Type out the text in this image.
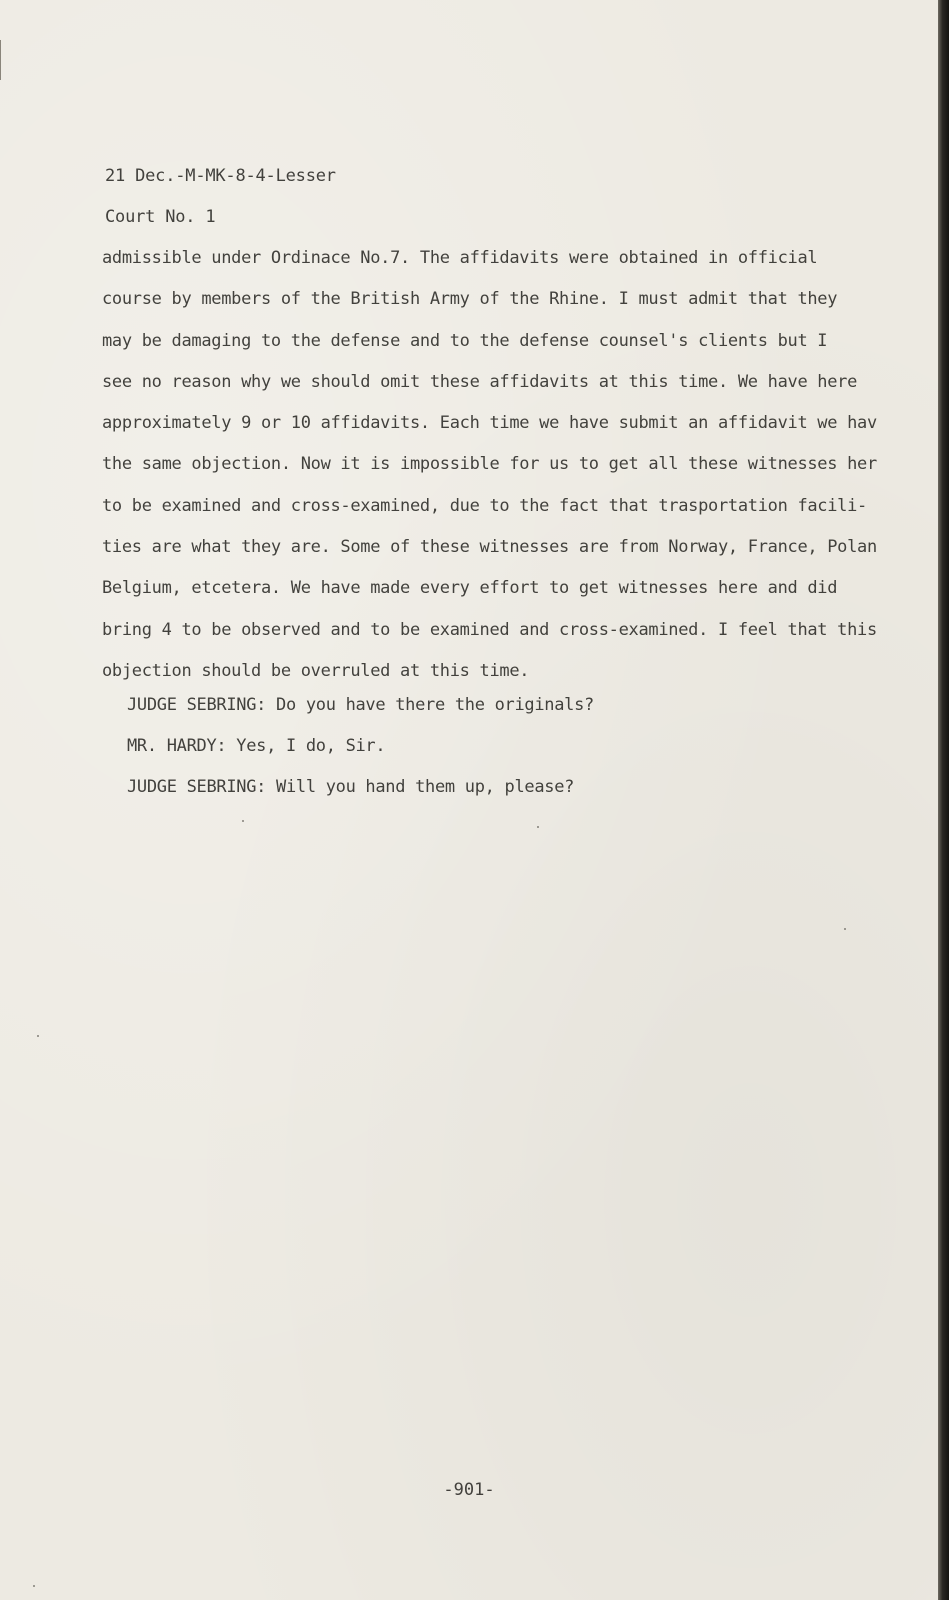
21 Dec.-M-MK-8-4-Lesser
Court No. 1
admissible under Ordinace No.7. The affidavits were obtained in official
course by members of the British Army of the Rhine. I must admit that they
may be damaging to the defense and to the defense counsel's clients but I
see no reason why we should omit these affidavits at this time. We have here
approximately 9 or 10 affidavits. Each time we have submit an affidavit we hav
the same objection. Now it is impossible for us to get all these witnesses her
to be examined and cross-examined, due to the fact that trasportation facili-
ties are what they are. Some of these witnesses are from Norway, France, Polan
Belgium, etcetera. We have made every effort to get witnesses here and did
bring 4 to be observed and to be examined and cross-examined. I feel that this
objection should be overruled at this time.
JUDGE SEBRING: Do you have there the originals?
MR. HARDY: Yes, I do, Sir.
JUDGE SEBRING: Will you hand them up, please?
-901-
